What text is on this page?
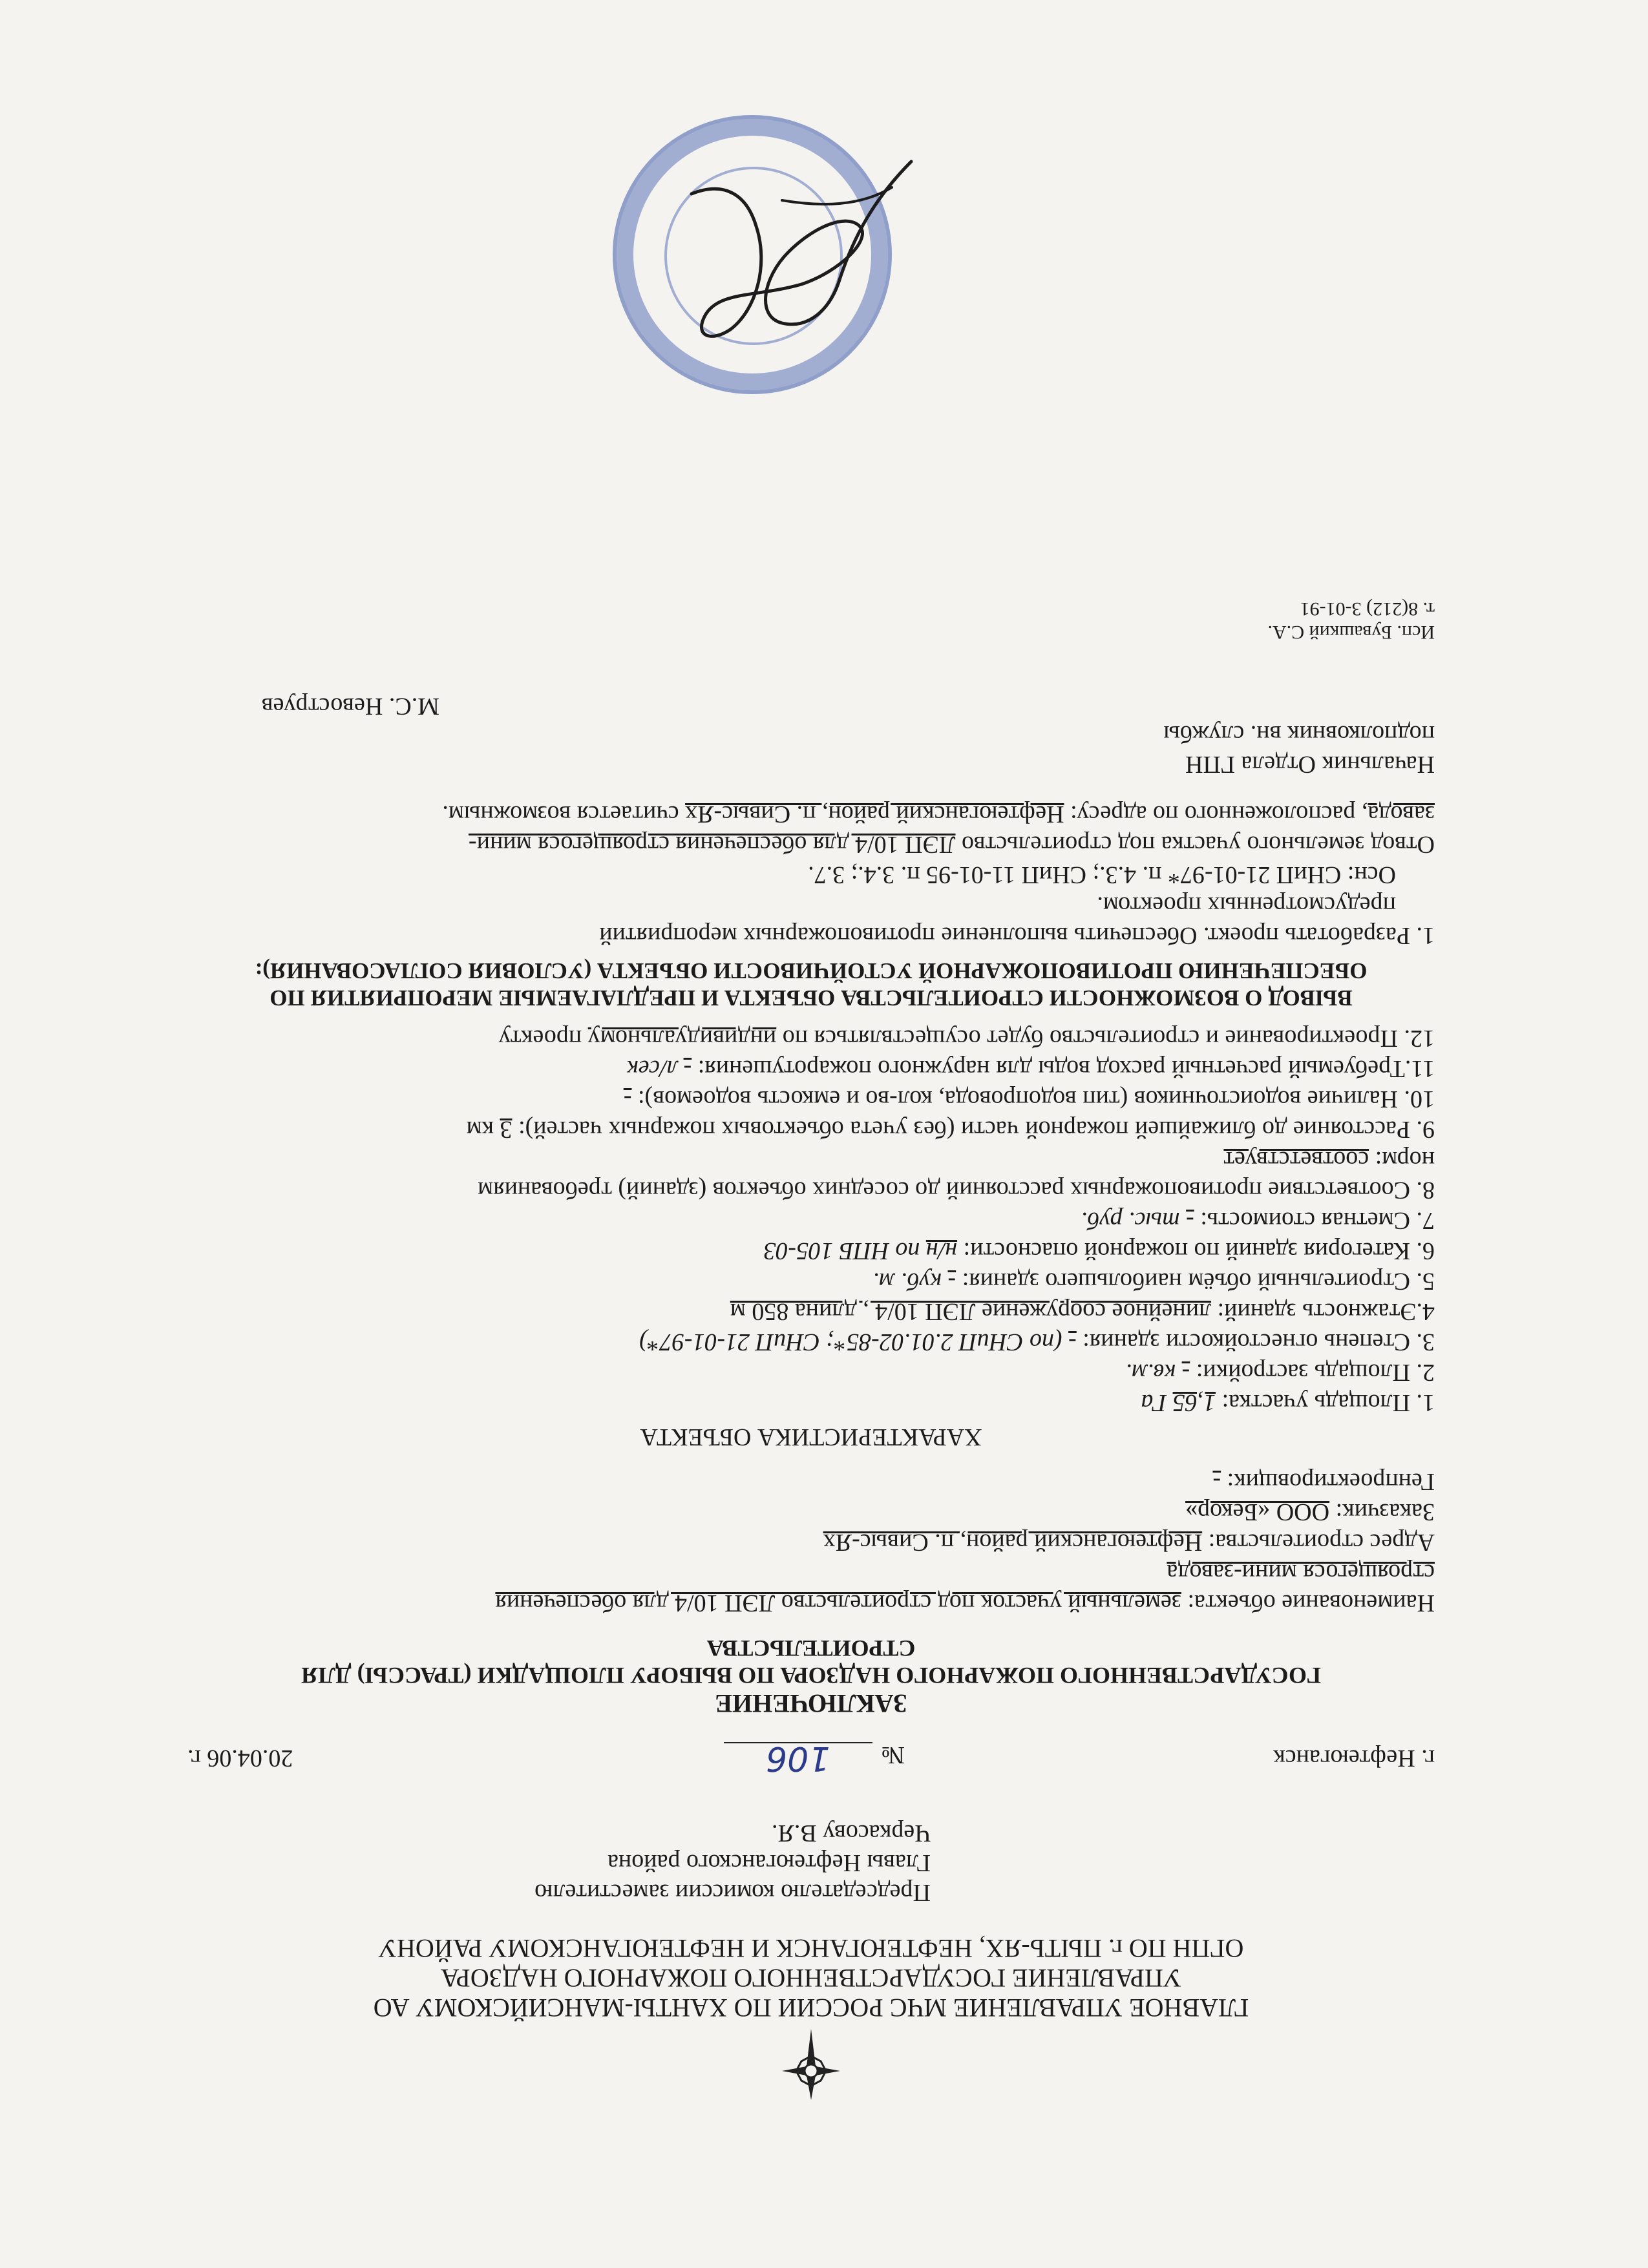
ГЛАВНОЕ УПРАВЛЕНИЕ МЧС РОССИИ ПО ХАНТЫ-МАНСИЙСКОМУ АО
УПРАВЛЕНИЕ ГОСУДАРСТВЕННОГО ПОЖАРНОГО НАДЗОРА
ОГПН ПО г. ПЫТЬ-ЯХ, НЕФТЕЮГАНСК И НЕФТЕЮГАНСКОМУ РАЙОНУ
Председателю комиссии заместителю
Главы Нефтеюганского района
Черкасову В.Я.
г. Нефтеюганск
№106
20.04.06 г.
ЗАКЛЮЧЕНИЕ
ГОСУДАРСТВЕННОГО ПОЖАРНОГО НАДЗОРА ПО ВЫБОРУ ПЛОЩАДКИ (ТРАССЫ) ДЛЯ
СТРОИТЕЛЬСТВА
Наименование объекта: земельный участок под строительство ЛЭП 10/4 для обеспечения
строящегося мини-завода
Адрес строительства: Нефтеюганский район, п. Сивыс-Ях
Заказчик: ООО «Бекор»
Генпроектировщик: -
ХАРАКТЕРИСТИКА ОБЪЕКТА
1. Площадь участка: 1,65 Га
2. Площадь застройки: - кв.м.
3. Степень огнестойкости здания: - (по СНиП 2.01.02-85*; СНиП 21-01-97*)
4.Этажность зданий: линейное сооружение ЛЭП 10/4 , длина 850 м
5. Строительный объём наибольшего здания: - куб. м.
6. Категория зданий по пожарной опасности: н/н по НПБ 105-03
7. Сметная стоимость: - тыс. руб.
8. Соответствие противопожарных расстояний до соседних объектов (зданий) требованиям
норм: соответствует
9. Расстояние до ближайшей пожарной части (без учета объектовых пожарных частей): 3 км
10. Наличие водоисточников (тип водопровода, кол-во и емкость водоемов): -
11.Требуемый расчетный расход воды для наружного пожаротушения: - л/сек
12. Проектирование и строительство будет осуществляться по индивидуальному проекту
ВЫВОД О ВОЗМОЖНОСТИ СТРОИТЕЛЬСТВА ОБЪЕКТА И ПРЕДЛАГАЕМЫЕ МЕРОПРИЯТИЯ ПО
ОБЕСПЕЧЕНИЮ ПРОТИВОПОЖАРНОЙ УСТОЙЧИВОСТИ ОБЪЕКТА (УСЛОВИЯ СОГЛАСОВАНИЯ):
1. Разработать проект. Обеспечить выполнение противопожарных мероприятий
предусмотренных проектом.
Осн: СНиП 21-01-97* п. 4.3.; СНиП 11-01-95 п. 3.4.; 3.7.
Отвод земельного участка под строительство ЛЭП 10/4 для обеспечения строящегося мини-
завода, расположенного по адресу: Нефтеюганский район, п. Сивыс-Ях считается возможным.
Начальник Отдела ГПН
подполковник вн. службы
М.С. Невоструев
Исп. Бувашкий С.А.
т. 8(212) 3-01-91
